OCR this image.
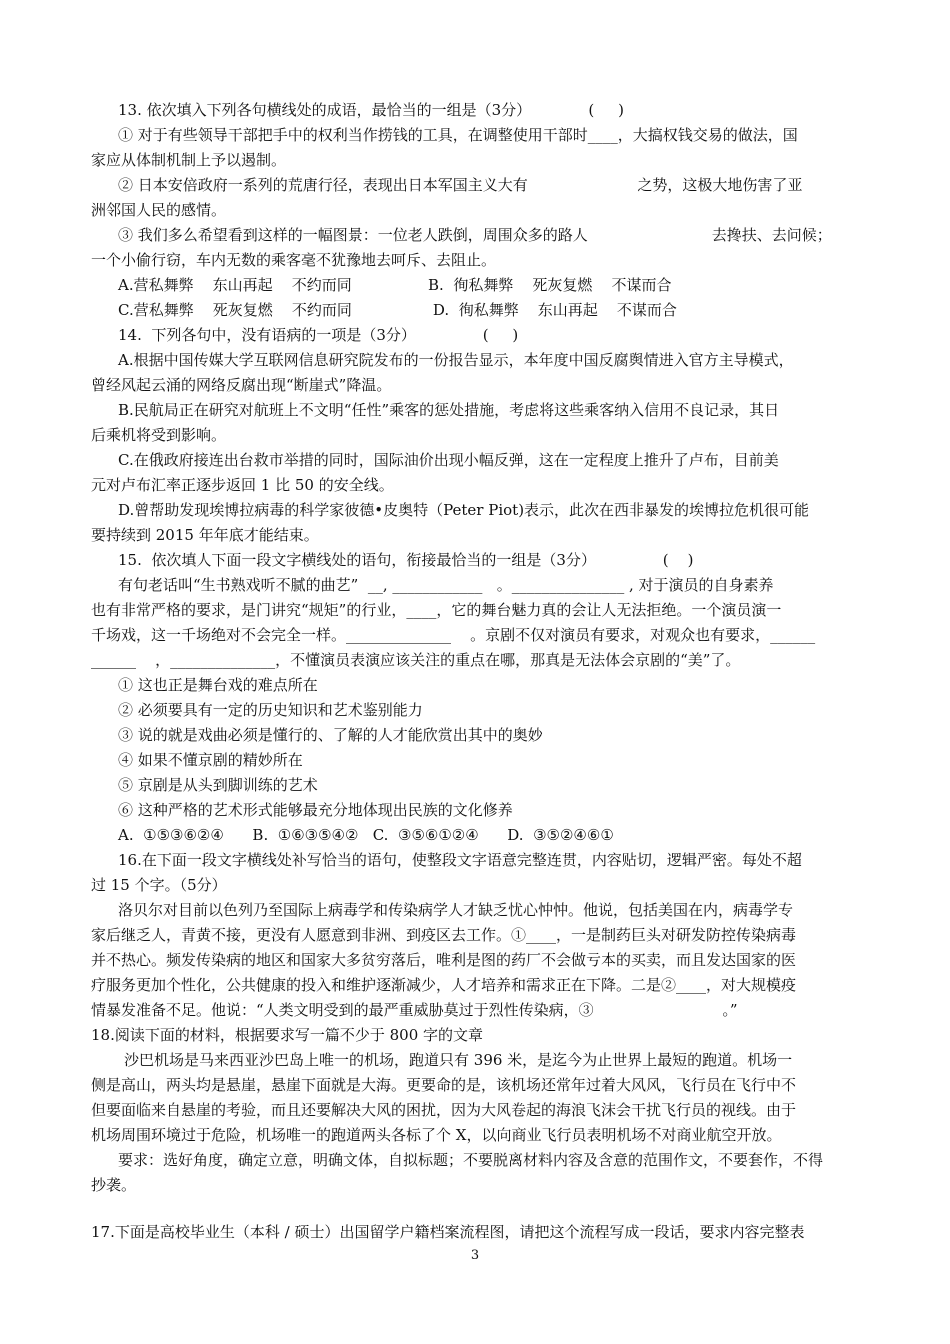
13. 依次填入下列各句横线处的成语，最恰当的一组是（3分）            (     )
① 对于有些领导干部把手中的权利当作捞钱的工具，在调整使用干部时____，大搞权钱交易的做法，国
家应从体制机制上予以遏制。
② 日本安倍政府一系列的荒唐行径，表现出日本军国主义大有                       之势，这极大地伤害了亚
洲邻国人民的感情。
③ 我们多么希望看到这样的一幅图景：一位老人跌倒，周围众多的路人                          去搀扶、去问候；
一个小偷行窃，车内无数的乘客毫不犹豫地去呵斥、去阻止。
A.营私舞弊    东山再起    不约而同                B.  徇私舞弊    死灰复燃    不谋而合
C.营私舞弊    死灰复燃    不约而同                 D.  徇私舞弊    东山再起    不谋而合
14.  下列各句中，没有语病的一项是（3分）              (     )
A.根据中国传媒大学互联网信息研究院发布的一份报告显示，本年度中国反腐舆情进入官方主导模式，
曾经风起云涌的网络反腐出现“断崖式”降温。
B.民航局正在研究对航班上不文明“任性”乘客的惩处措施，考虑将这些乘客纳入信用不良记录，其日
后乘机将受到影响。
C.在俄政府接连出台救市举措的同时，国际油价出现小幅反弹，这在一定程度上推升了卢布，目前美
元对卢布汇率正逐步返回 1 比 50 的安全线。
D.曾帮助发现埃博拉病毒的科学家彼德•皮奥特（Peter Piot)表示，此次在西非暴发的埃博拉危机很可能
要持续到 2015 年年底才能结束。
15.  依次填人下面一段文字横线处的语句，衔接最恰当的一组是（3分）              (    )
有句老话叫“生书熟戏听不腻的曲艺”  __, ____________   。_______________ , 对于演员的自身素养
也有非常严格的要求，是门讲究“规矩”的行业，____，它的舞台魅力真的会让人无法拒绝。一个演员演一
千场戏，这一千场绝对不会完全一样。______________    。京剧不仅对演员有要求，对观众也有要求，______
______    ，______________，不懂演员表演应该关注的重点在哪，那真是无法体会京剧的“美”了。
① 这也正是舞台戏的难点所在
② 必须要具有一定的历史知识和艺术鉴别能力
③ 说的就是戏曲必须是懂行的、了解的人才能欣赏出其中的奥妙
④ 如果不懂京剧的精妙所在
⑤ 京剧是从头到脚训练的艺术
⑥ 这种严格的艺术形式能够最充分地体现出民族的文化修养
A.  ①⑤③⑥②④      B.  ①⑥③⑤④②   C.  ③⑤⑥①②④      D.  ③⑤②④⑥①
16.在下面一段文字横线处补写恰当的语句，使整段文字语意完整连贯，内容贴切，逻辑严密。每处不超
过 15 个字。（5分）
洛贝尔对目前以色列乃至国际上病毒学和传染病学人才缺乏忧心忡忡。他说，包括美国在内，病毒学专
家后继乏人，青黄不接，更没有人愿意到非洲、到疫区去工作。①____，一是制药巨头对研发防控传染病毒
并不热心。频发传染病的地区和国家大多贫穷落后，唯利是图的药厂不会做亏本的买卖，而且发达国家的医
疗服务更加个性化，公共健康的投入和维护逐渐减少，人才培养和需求正在下降。二是②____，对大规模疫
情暴发准备不足。他说：“人类文明受到的最严重威胁莫过于烈性传染病，③                           。”
18.阅读下面的材料，根据要求写一篇不少于 800 字的文章
沙巴机场是马来西亚沙巴岛上唯一的机场，跑道只有 396 米，是迄今为止世界上最短的跑道。机场一
侧是高山，两头均是悬崖，悬崖下面就是大海。更要命的是，该机场还常年过着大风风，飞行员在飞行中不
但要面临来自悬崖的考验，而且还要解决大风的困扰，因为大风卷起的海浪飞沫会干扰飞行员的视线。由于
机场周围环境过于危险，机场唯一的跑道两头各标了个 X，以向商业飞行员表明机场不对商业航空开放。
要求：选好角度，确定立意，明确文体，自拟标题；不要脱离材料内容及含意的范围作文，不要套作，不得
抄袭。
17.下面是高校毕业生（本科 / 硕士）出国留学户籍档案流程图，请把这个流程写成一段话，要求内容完整表
3
